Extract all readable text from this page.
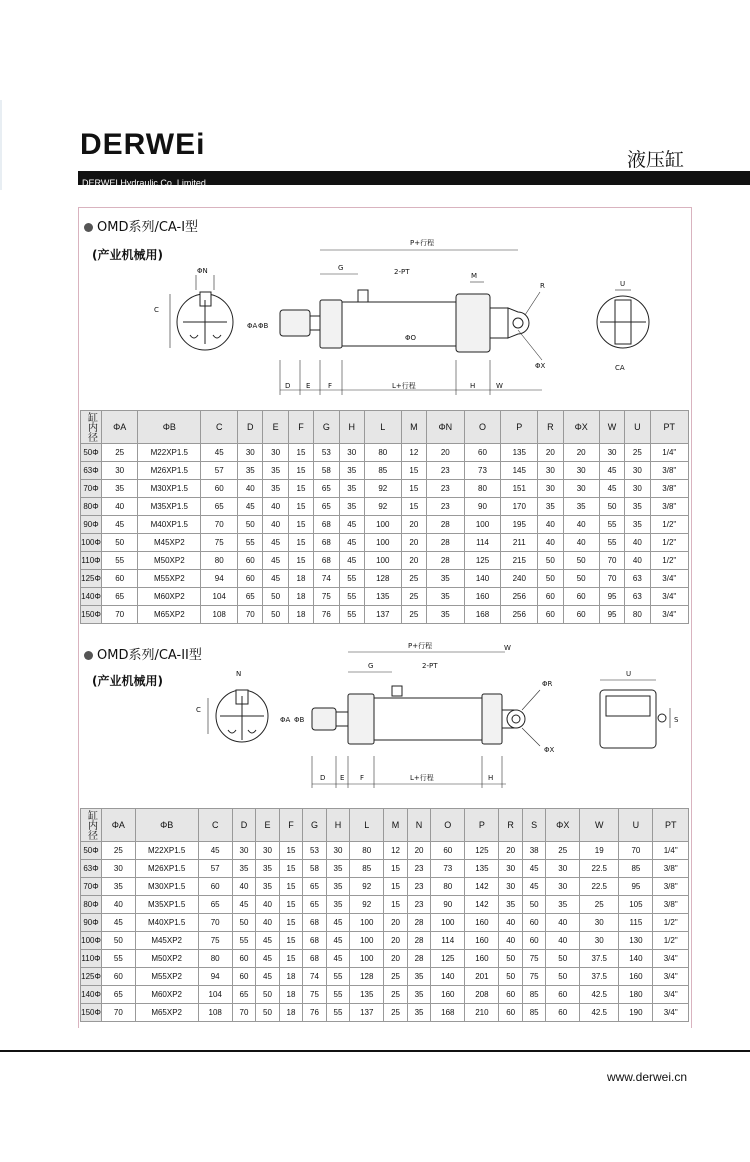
DERWEi	液压缸
DERWEI Hydraulic Co.,Limited
OMD系列/CA-I型
(产业机械用)
ΦN
C
P+行程
G	2-PT	M
R
ΦA ΦB
ΦO
ΦX
D E	F	L+行程	H	W
U
CA
缸内径	ΦA	ΦB	C	D	E	F	G	H	L	M	ΦN	O	P	R	ΦX	W	U	PT
50Φ	25	M22XP1.5	45	30	30	15	53	30	80	12	20	60	135	20	20	30	25	1/4"
63Φ	30	M26XP1.5	57	35	35	15	58	35	85	15	23	73	145	30	30	45	30	3/8"
70Φ	35	M30XP1.5	60	40	35	15	65	35	92	15	23	80	151	30	30	45	30	3/8"
80Φ	40	M35XP1.5	65	45	40	15	65	35	92	15	23	90	170	35	35	50	35	3/8"
90Φ	45	M40XP1.5	70	50	40	15	68	45	100	20	28	100	195	40	40	55	35	1/2"
100Φ	50	M45XP2	75	55	45	15	68	45	100	20	28	114	211	40	40	55	40	1/2"
110Φ	55	M50XP2	80	60	45	15	68	45	100	20	28	125	215	50	50	70	40	1/2"
125Φ	60	M55XP2	94	60	45	18	74	55	128	25	35	140	240	50	50	70	63	3/4"
140Φ	65	M60XP2	104	65	50	18	75	55	135	25	35	160	256	60	60	95	63	3/4"
150Φ	70	M65XP2	108	70	50	18	76	55	137	25	35	168	256	60	60	95	80	3/4"
OMD系列/CA-II型
(产业机械用)	N
C
P+行程
G	2-PT
W
ΦR
ΦA ΦB
ΦX
D E F	L+行程	H
U
S
缸内径	ΦA	ΦB	C	D	E	F	G	H	L	M	N	O	P	R	S	ΦX	W	U	PT
50Φ	25	M22XP1.5	45	30	30	15	53	30	80	12	20	60	125	20	38	25	19	70	1/4"
63Φ	30	M26XP1.5	57	35	35	15	58	35	85	15	23	73	135	30	45	30	22.5	85	3/8"
70Φ	35	M30XP1.5	60	40	35	15	65	35	92	15	23	80	142	30	45	30	22.5	95	3/8"
80Φ	40	M35XP1.5	65	45	40	15	65	35	92	15	23	90	142	35	50	35	25	105	3/8"
90Φ	45	M40XP1.5	70	50	40	15	68	45	100	20	28	100	160	40	60	40	30	115	1/2"
100Φ	50	M45XP2	75	55	45	15	68	45	100	20	28	114	160	40	60	40	30	130	1/2"
110Φ	55	M50XP2	80	60	45	15	68	45	100	20	28	125	160	50	75	50	37.5	140	3/4"
125Φ	60	M55XP2	94	60	45	18	74	55	128	25	35	140	201	50	75	50	37.5	160	3/4"
140Φ	65	M60XP2	104	65	50	18	75	55	135	25	35	160	208	60	85	60	42.5	180	3/4"
150Φ	70	M65XP2	108	70	50	18	76	55	137	25	35	168	210	60	85	60	42.5	190	3/4"
www.derwei.cn
